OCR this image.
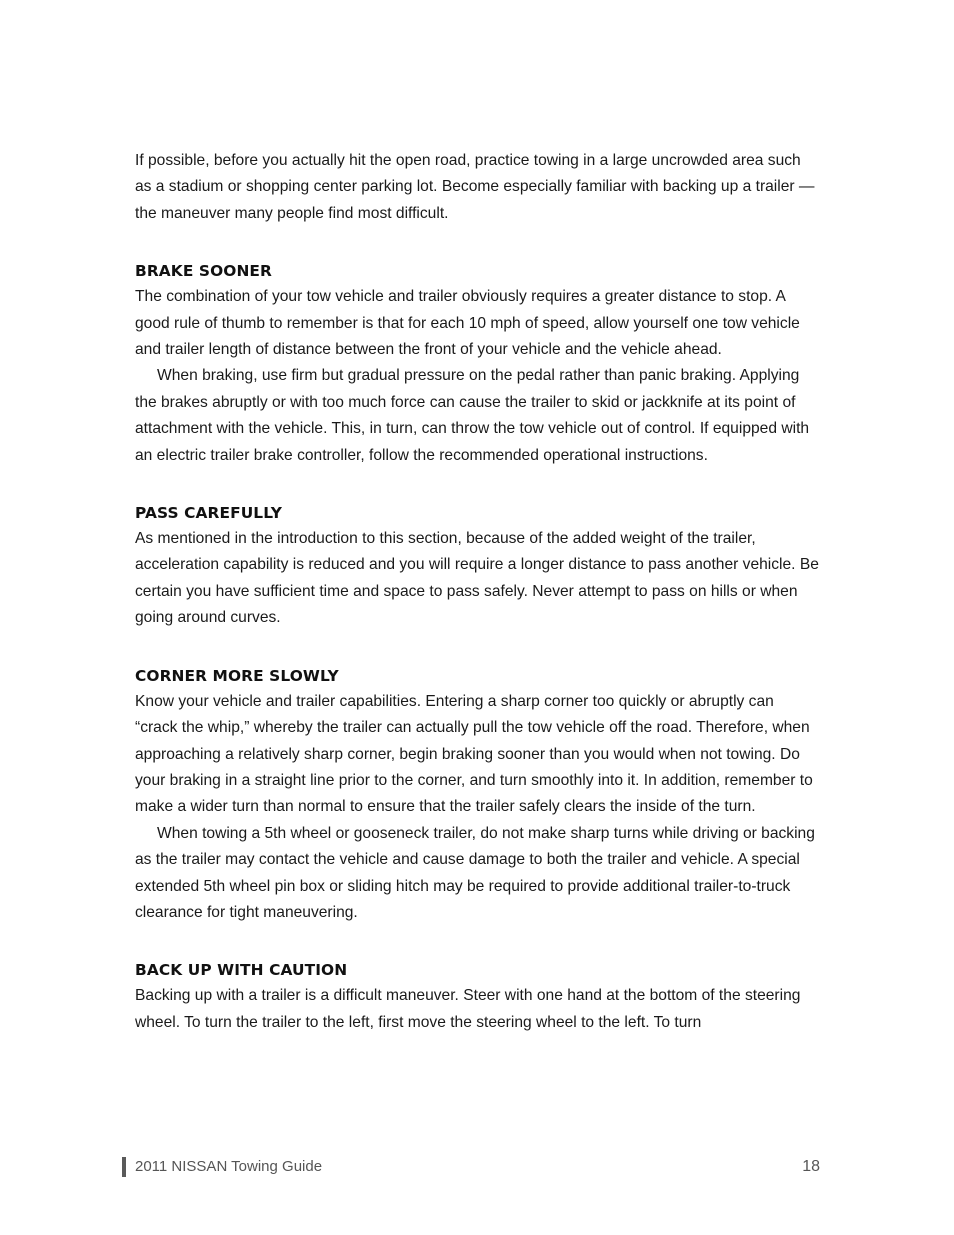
If possible, before you actually hit the open road, practice towing in a large uncrowded area such as a stadium or shopping center parking lot. Become especially familiar with backing up a trailer — the maneuver many people find most difficult.

BRAKE SOONER

The combination of your tow vehicle and trailer obviously requires a greater distance to stop. A good rule of thumb to remember is that for each 10 mph of speed, allow yourself one tow vehicle and trailer length of distance between the front of your vehicle and the vehicle ahead.

When braking, use firm but gradual pressure on the pedal rather than panic braking. Applying the brakes abruptly or with too much force can cause the trailer to skid or jackknife at its point of attachment with the vehicle. This, in turn, can throw the tow vehicle out of control. If equipped with an electric trailer brake controller, follow the recommended operational instructions.

PASS CAREFULLY

As mentioned in the introduction to this section, because of the added weight of the trailer, acceleration capability is reduced and you will require a longer distance to pass another vehicle. Be certain you have sufficient time and space to pass safely. Never attempt to pass on hills or when going around curves.

CORNER MORE SLOWLY

Know your vehicle and trailer capabilities. Entering a sharp corner too quickly or abruptly can “crack the whip,” whereby the trailer can actually pull the tow vehicle off the road. Therefore, when approaching a relatively sharp corner, begin braking sooner than you would when not towing. Do your braking in a straight line prior to the corner, and turn smoothly into it. In addition, remember to make a wider turn than normal to ensure that the trailer safely clears the inside of the turn.

When towing a 5th wheel or gooseneck trailer, do not make sharp turns while driving or backing as the trailer may contact the vehicle and cause damage to both the trailer and vehicle. A special extended 5th wheel pin box or sliding hitch may be required to provide additional trailer-to-truck clearance for tight maneuvering.

BACK UP WITH CAUTION

Backing up with a trailer is a difficult maneuver. Steer with one hand at the bottom of the steering wheel. To turn the trailer to the left, first move the steering wheel to the left. To turn

2011 NISSAN Towing Guide	18
